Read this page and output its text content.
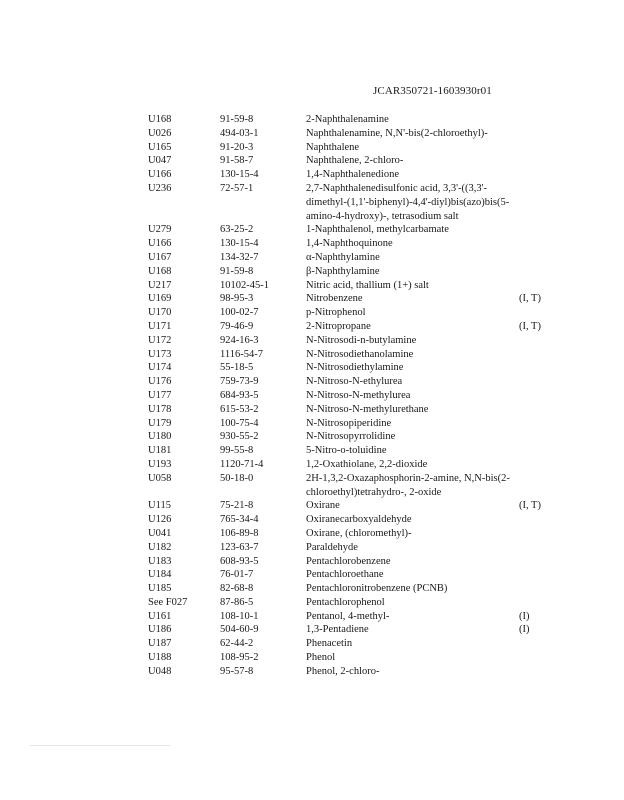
JCAR350721-1603930r01
U168	91-59-8	2-Naphthalenamine
U026	494-03-1	Naphthalenamine, N,N'-bis(2-chloroethyl)-
U165	91-20-3	Naphthalene
U047	91-58-7	Naphthalene, 2-chloro-
U166	130-15-4	1,4-Naphthalenedione
U236	72-57-1	2,7-Naphthalenedisulfonic acid, 3,3'-((3,3'-dimethyl-(1,1'-biphenyl)-4,4'-diyl)bis(azo)bis(5-amino-4-hydroxy)-, tetrasodium salt
U279	63-25-2	1-Naphthalenol, methylcarbamate
U166	130-15-4	1,4-Naphthoquinone
U167	134-32-7	α-Naphthylamine
U168	91-59-8	β-Naphthylamine
U217	10102-45-1	Nitric acid, thallium (1+) salt
U169	98-95-3	Nitrobenzene	(I, T)
U170	100-02-7	p-Nitrophenol
U171	79-46-9	2-Nitropropane	(I, T)
U172	924-16-3	N-Nitrosodi-n-butylamine
U173	1116-54-7	N-Nitrosodiethanolamine
U174	55-18-5	N-Nitrosodiethylamine
U176	759-73-9	N-Nitroso-N-ethylurea
U177	684-93-5	N-Nitroso-N-methylurea
U178	615-53-2	N-Nitroso-N-methylurethane
U179	100-75-4	N-Nitrosopiperidine
U180	930-55-2	N-Nitrosopyrrolidine
U181	99-55-8	5-Nitro-o-toluidine
U193	1120-71-4	1,2-Oxathiolane, 2,2-dioxide
U058	50-18-0	2H-1,3,2-Oxazaphosphorin-2-amine, N,N-bis(2-chloroethyl)tetrahydro-, 2-oxide
U115	75-21-8	Oxirane	(I, T)
U126	765-34-4	Oxiranecarboxyaldehyde
U041	106-89-8	Oxirane, (chloromethyl)-
U182	123-63-7	Paraldehyde
U183	608-93-5	Pentachlorobenzene
U184	76-01-7	Pentachloroethane
U185	82-68-8	Pentachloronitrobenzene (PCNB)
See F027	87-86-5	Pentachlorophenol
U161	108-10-1	Pentanol, 4-methyl-	(I)
U186	504-60-9	1,3-Pentadiene	(I)
U187	62-44-2	Phenacetin
U188	108-95-2	Phenol
U048	95-57-8	Phenol, 2-chloro-
